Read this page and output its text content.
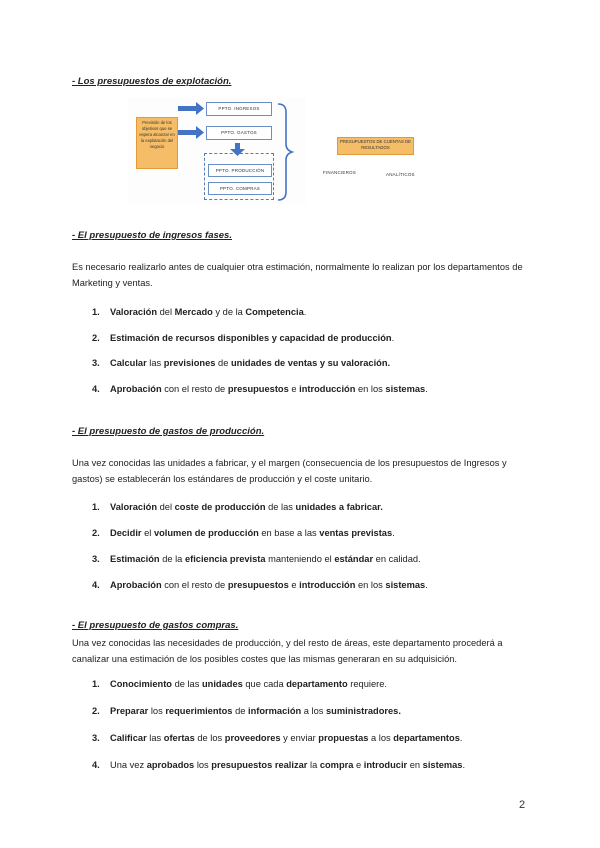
- Los presupuestos de explotación.
Previsión de los objetivos que se espera alcanzar en la explotación del negocio
PPTO. INGRESOS
PPTO. GASTOS
PPTO. PRODUCCIÓN
PPTO. COMPRAS
PRESUPUESTOS DE CUENTAS DE RESULTADOS
FINANCIEROS	ANALÍTICOS
- El presupuesto de ingresos fases.
Es necesario realizarlo antes de cualquier otra estimación, normalmente lo realizan por los departamentos de Marketing y ventas.
1. Valoración del Mercado y de la Competencia.
2. Estimación de recursos disponibles y capacidad de producción.
3. Calcular las previsiones de unidades de ventas y su valoración.
4. Aprobación con el resto de presupuestos e introducción en los sistemas.
- El presupuesto de gastos de producción.
Una vez conocidas las unidades a fabricar, y el margen (consecuencia de los presupuestos de Ingresos y gastos) se establecerán los estándares de producción y el coste unitario.
1. Valoración del coste de producción de las unidades a fabricar.
2. Decidir el volumen de producción en base a las ventas previstas.
3. Estimación de la eficiencia prevista manteniendo el estándar en calidad.
4. Aprobación con el resto de presupuestos e introducción en los sistemas.
- El presupuesto de gastos compras.
Una vez conocidas las necesidades de producción, y del resto de áreas, este departamento procederá a canalizar una estimación de los posibles costes que las mismas generaran en su adquisición.
1. Conocimiento de las unidades que cada departamento requiere.
2. Preparar los requerimientos de información a los suministradores.
3. Calificar las ofertas de los proveedores y enviar propuestas a los departamentos.
4. Una vez aprobados los presupuestos realizar la compra e introducir en sistemas.
2
